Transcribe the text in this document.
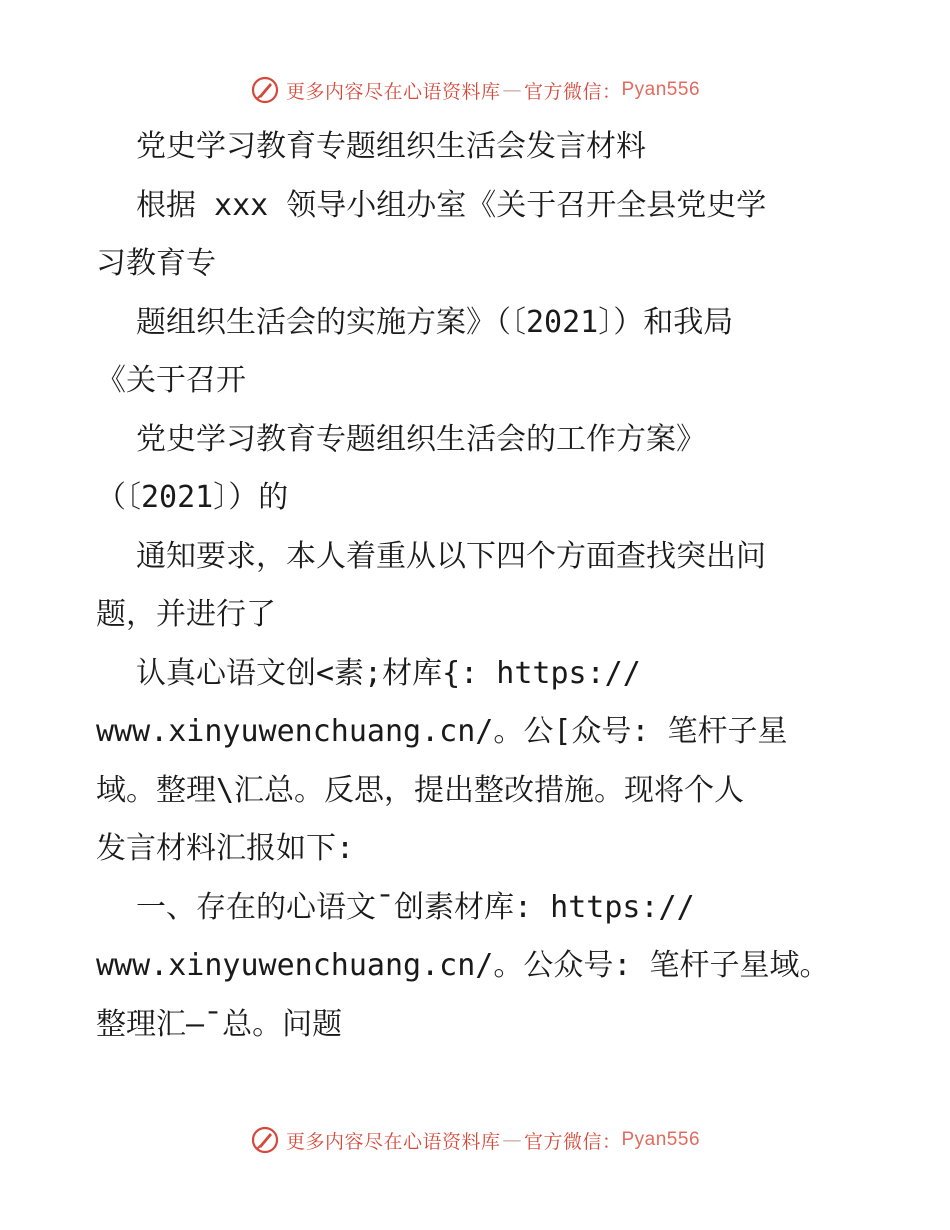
更多内容尽在心语资料库 — 官方微信： Pyan556
党史学习教育专题组织生活会发言材料
根据 xxx 领导小组办室《关于召开全县党史学
习教育专
题组织生活会的实施方案》（〔2021〕）和我局
《关于召开
党史学习教育专题组织生活会的工作方案》
（〔2021〕）的
通知要求，本人着重从以下四个方面查找突出问
题，并进行了
认真心语文创<素;材库{: https://
www.xinyuwenchuang.cn/。公[众号: 笔杆子星
域。整理\汇总。反思，提出整改措施。现将个人
发言材料汇报如下:
一、存在的心语文¯创素材库: https://
www.xinyuwenchuang.cn/。公众号: 笔杆子星域。
整理汇—¯总。问题
更多内容尽在心语资料库 — 官方微信： Pyan556
